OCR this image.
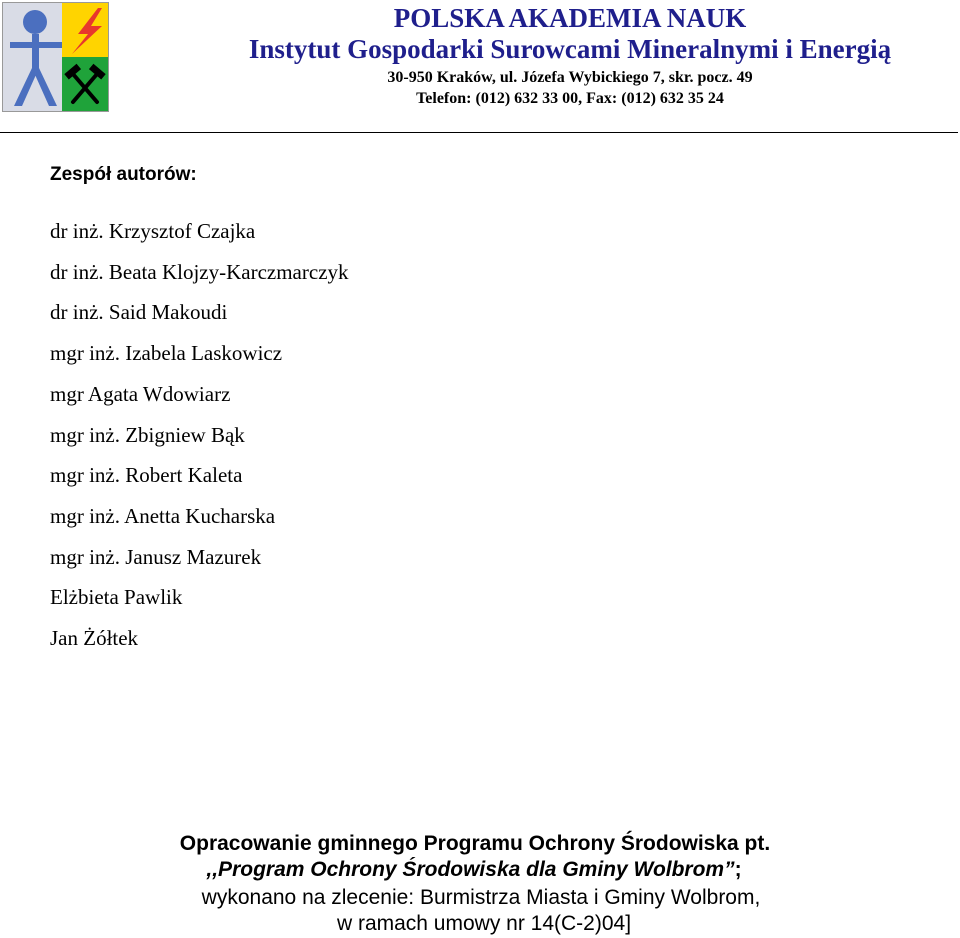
POLSKA AKADEMIA NAUK
Instytut Gospodarki Surowcami Mineralnymi i Energią
30-950 Kraków, ul. Józefa Wybickiego 7, skr. pocz. 49
Telefon: (012) 632 33 00, Fax: (012) 632 35 24
Zespół autorów:
dr inż. Krzysztof Czajka
dr inż. Beata Klojzy-Karczmarczyk
dr inż. Said Makoudi
mgr inż. Izabela Laskowicz
mgr Agata Wdowiarz
mgr inż. Zbigniew Bąk
mgr inż. Robert Kaleta
mgr inż. Anetta Kucharska
mgr inż. Janusz Mazurek
Elżbieta Pawlik
Jan Żółtek
Opracowanie gminnego Programu Ochrony Środowiska pt.
,,Program Ochrony Środowiska dla Gminy Wolbrom”;
wykonano na zlecenie: Burmistrza Miasta i Gminy Wolbrom,
w ramach umowy nr 14(C-2)04]
